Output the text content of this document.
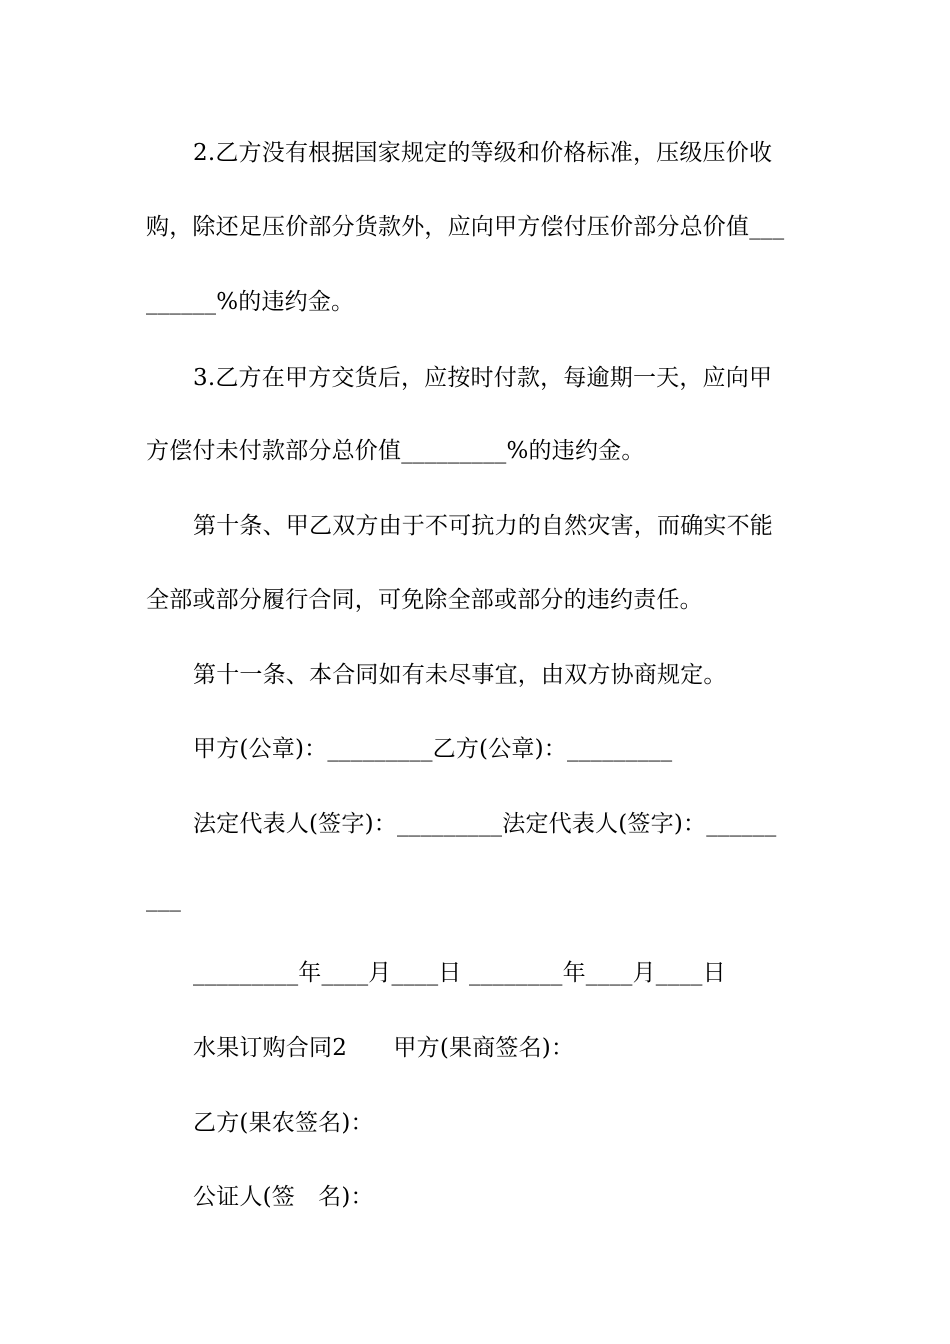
2.乙方没有根据国家规定的等级和价格标准，压级压价收
购，除还足压价部分货款外，应向甲方偿付压价部分总价值___
______%的违约金。
3.乙方在甲方交货后，应按时付款，每逾期一天，应向甲
方偿付未付款部分总价值_________%的违约金。
第十条、甲乙双方由于不可抗力的自然灾害，而确实不能
全部或部分履行合同，可免除全部或部分的违约责任。
第十一条、本合同如有未尽事宜，由双方协商规定。
甲方(公章)：_________乙方(公章)：_________
法定代表人(签字)：_________法定代表人(签字)：______
___
_________年____月____日 ________年____月____日
水果订购合同2　　甲方(果商签名)：
乙方(果农签名)：
公证人(签　名)：
